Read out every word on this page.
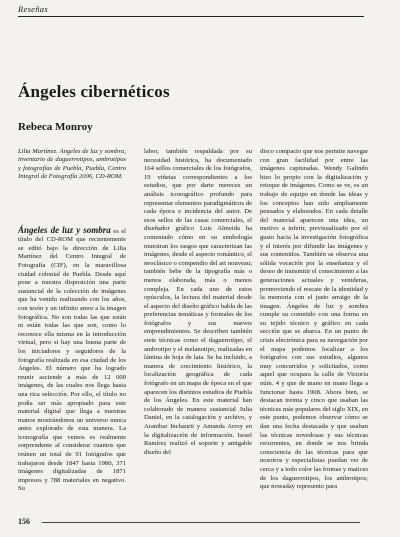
Reseñas
Ángeles cibernéticos
Rebeca Monroy

Lilia Martínez. Ángeles de luz y sombra, inventario de daguerrotipos, ambrotipos y fotografías de Puebla, Puebla, Centro Integral de Fotografía 2006, CD-ROM.

Ángeles de luz y sombra es el título del CD-ROM que recientemente se editó bajo la dirección de Lilia Martínez del Centro Integral de Fotografía (CIF), en la maravillosa ciudad colonial de Puebla. Desde aquí pone a nuestra disposición una parte sustancial de la colección de imágenes que ha venido realizando con los años, con tesón y un infinito amor a la imagen fotográfica. No son todas las que están ni están todas las que son, como lo reconoce ella misma en la introducción virtual, pero si hay una buena parte de los iniciadores y seguidores de la fotografía realizada en esa ciudad de los Ángeles. El número que ha logrado reunir asciende a más de 12 000 imágenes, de las cuales nos llega hasta una rica selección. Por ello, el título no podía ser más apropiado para este material digital que llega a nuestras manos mostrándonos un universo nunca antes explorado de esta manera. La iconografía que vemos es realmente sorprendente al considerar cuantos que reúnen un total de 91 fotógrafos que trabajaron desde 1847 hasta 1980, 371 imágenes digitalizadas de 1871 impresos y 788 materiales en negativo. Su

labor, también respaldada por su necesidad histórica, ha documentado 164 sellos comerciales de los fotógrafos, 19 viñetas correspondientes a los estudios, que por darte mereces un análisis iconográfico profundo para representar elementos paradigmáticos de cada época e incidencia del autor. De esos sellos de las casas comerciales, el diseñador gráfico Luis Almeida ha comentado cómo en su simbología muestran los rasgos que caracterizan las imágenes, desde el aspecto romántico, el neoclásico o compendio del art nouveau; también bebe de la tipografía más o menos elaborada, más o menos compleja. En cada uno de estos opúsculos, la lectura del material desde el aspecto del diseño gráfico habla de las preferencias temáticas y formales de los fotógrafos y sus nuevos emprendimientos. Se describen también siete técnicas como el daguerrotipo, el ambrotipo y el melanotipo, realizadas en lámina de hoja de lata. Se ha incluido, a manera de crecimiento histórico, la localización geográfica de cada fotógrafo en un mapa de época en el que aparecen los distintos estudios de Puebla de los Ángeles. En este material han colaborado de manera sustancial Julia Daniel, en la catalogación y archivo, y Aranibar Inchaurti y Amanda Arroy en la digitalización de información. Israel Ramírez realizó el soporte y amigable diseño del

disco compacto que nos permite navegar con gran facilidad por entre las imágenes capturadas. Wendy Galindo hizo lo propio con la digitalización y retoque de imágenes. Como se ve, es un trabajo de equipo en donde las ideas y los conceptos han sido ampliamente pensados y elaborados. En cada detalle del material aparecen una idea, un motivo a inferir, previsualizado por el gusto hacia la investigación fotográfica y el interés por difundir las imágenes y sus contenidos. También se observa una sólida vocación por la enseñanza y el deseo de transmitir el conocimiento a las generaciones actuales y venideras, promoviendo el rescate de la identidad y la memoria con el justo arraigo de la imagen. Ángeles de luz y sombra cumple su cometido con una forma en su tejido técnico y gráfico en cada sección que se abarca. En un punto de crisis electrónica para su navegación por el mapa podemos localizar a los fotógrafos con sus estudios, algunos muy concurridos y solicitados, como aquel que ocupara la calle de Victoria núm. 4 y que de mano en mano llega a funcionar hasta 1908. Ahora bien, se destacan treinta y cinco que usaban las técnicas más populares del siglo XIX, en este punto, podemos observar cómo se dan una fecha destacada y que usaban las técnicas novedosas y sus técnicas recurrentes, en donde se nos brinda consciencia de las técnicas para que nosotros y especialistas puedan ver de cerca y a todo color las formas y matices de los daguerrotipos, los ambrotipos; que nowaday represento para

156
